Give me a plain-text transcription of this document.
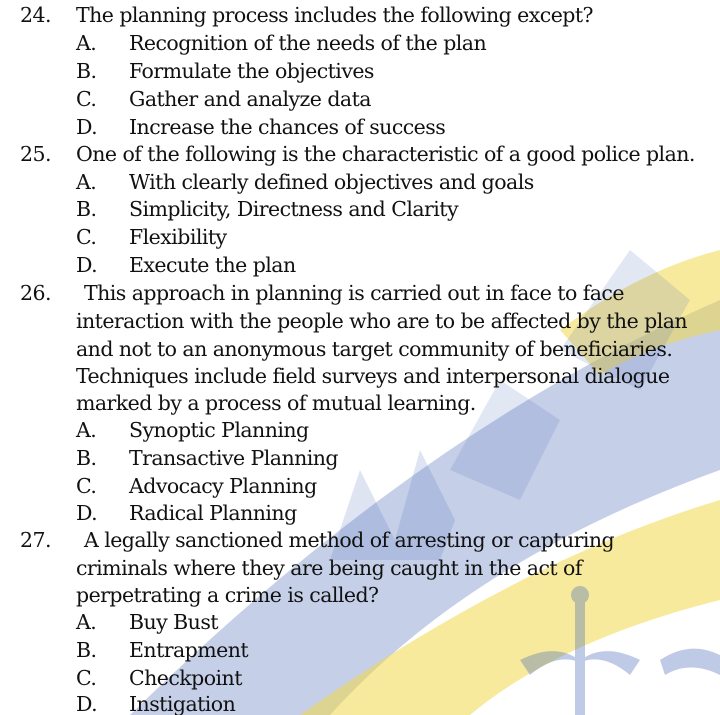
24.	The planning process includes the following except?
A. Recognition of the needs of the plan
B. Formulate the objectives
C. Gather and analyze data
D. Increase the chances of success
25.	One of the following is the characteristic of a good police plan.
A. With clearly defined objectives and goals
B. Simplicity, Directness and Clarity
C. Flexibility
D. Execute the plan
26.	This approach in planning is carried out in face to face
interaction with the people who are to be affected by the plan
and not to an anonymous target community of beneficiaries.
Techniques include field surveys and interpersonal dialogue
marked by a process of mutual learning.
A. Synoptic Planning
B. Transactive Planning
C. Advocacy Planning
D. Radical Planning
27.	A legally sanctioned method of arresting or capturing
criminals where they are being caught in the act of
perpetrating a crime is called?
A. Buy Bust
B. Entrapment
C. Checkpoint
D. Instigation
